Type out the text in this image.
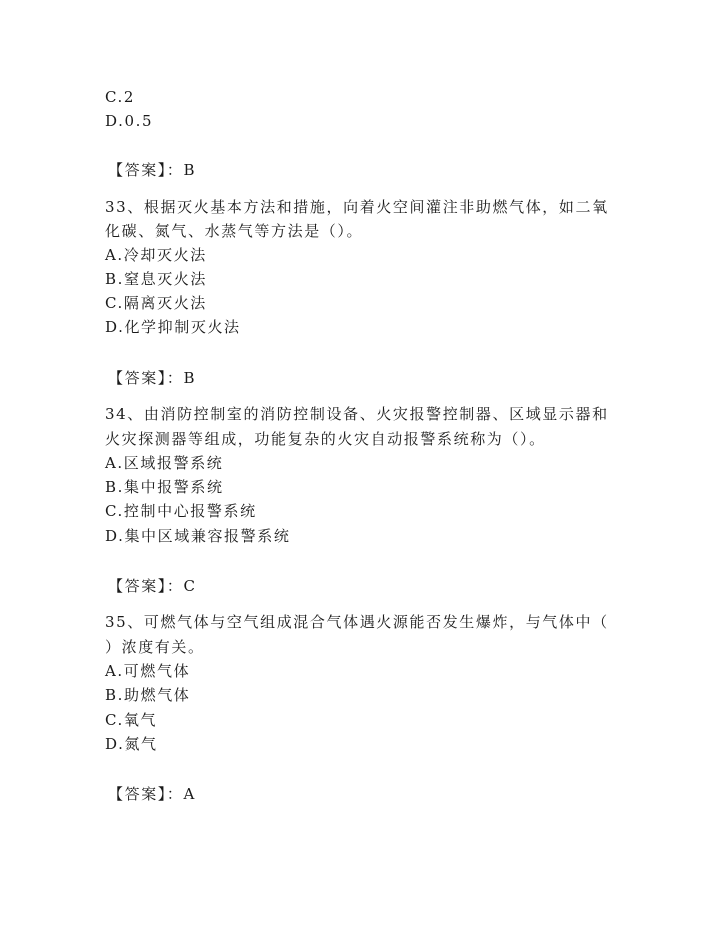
C.2
D.0.5
【答案】：B
33、根据灭火基本方法和措施，向着火空间灌注非助燃气体，如二氧
化碳、氮气、水蒸气等方法是（）。
A.冷却灭火法
B.窒息灭火法
C.隔离灭火法
D.化学抑制灭火法
【答案】：B
34、由消防控制室的消防控制设备、火灾报警控制器、区域显示器和
火灾探测器等组成，功能复杂的火灾自动报警系统称为（）。
A.区域报警系统
B.集中报警系统
C.控制中心报警系统
D.集中区域兼容报警系统
【答案】：C
35、可燃气体与空气组成混合气体遇火源能否发生爆炸，与气体中（
）浓度有关。
A.可燃气体
B.助燃气体
C.氧气
D.氮气
【答案】：A
